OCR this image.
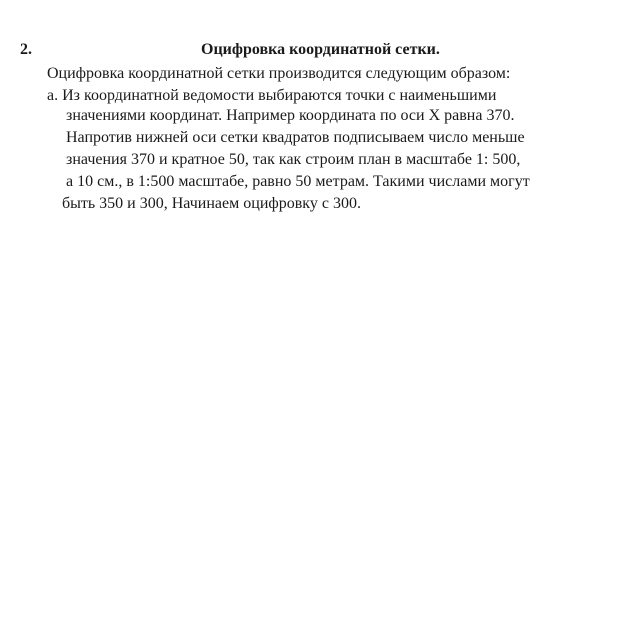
2.	Оцифровка координатной сетки.
Оцифровка координатной сетки производится следующим образом:
а. Из координатной ведомости выбираются точки с наименьшими
значениями координат. Например координата по оси X равна 370.
Напротив нижней оси сетки квадратов подписываем число меньше
значения 370 и кратное 50, так как строим план в масштабе 1: 500,
а 10 см., в 1:500 масштабе, равно 50 метрам. Такими числами могут
быть 350 и 300, Начинаем оцифровку с 300.
